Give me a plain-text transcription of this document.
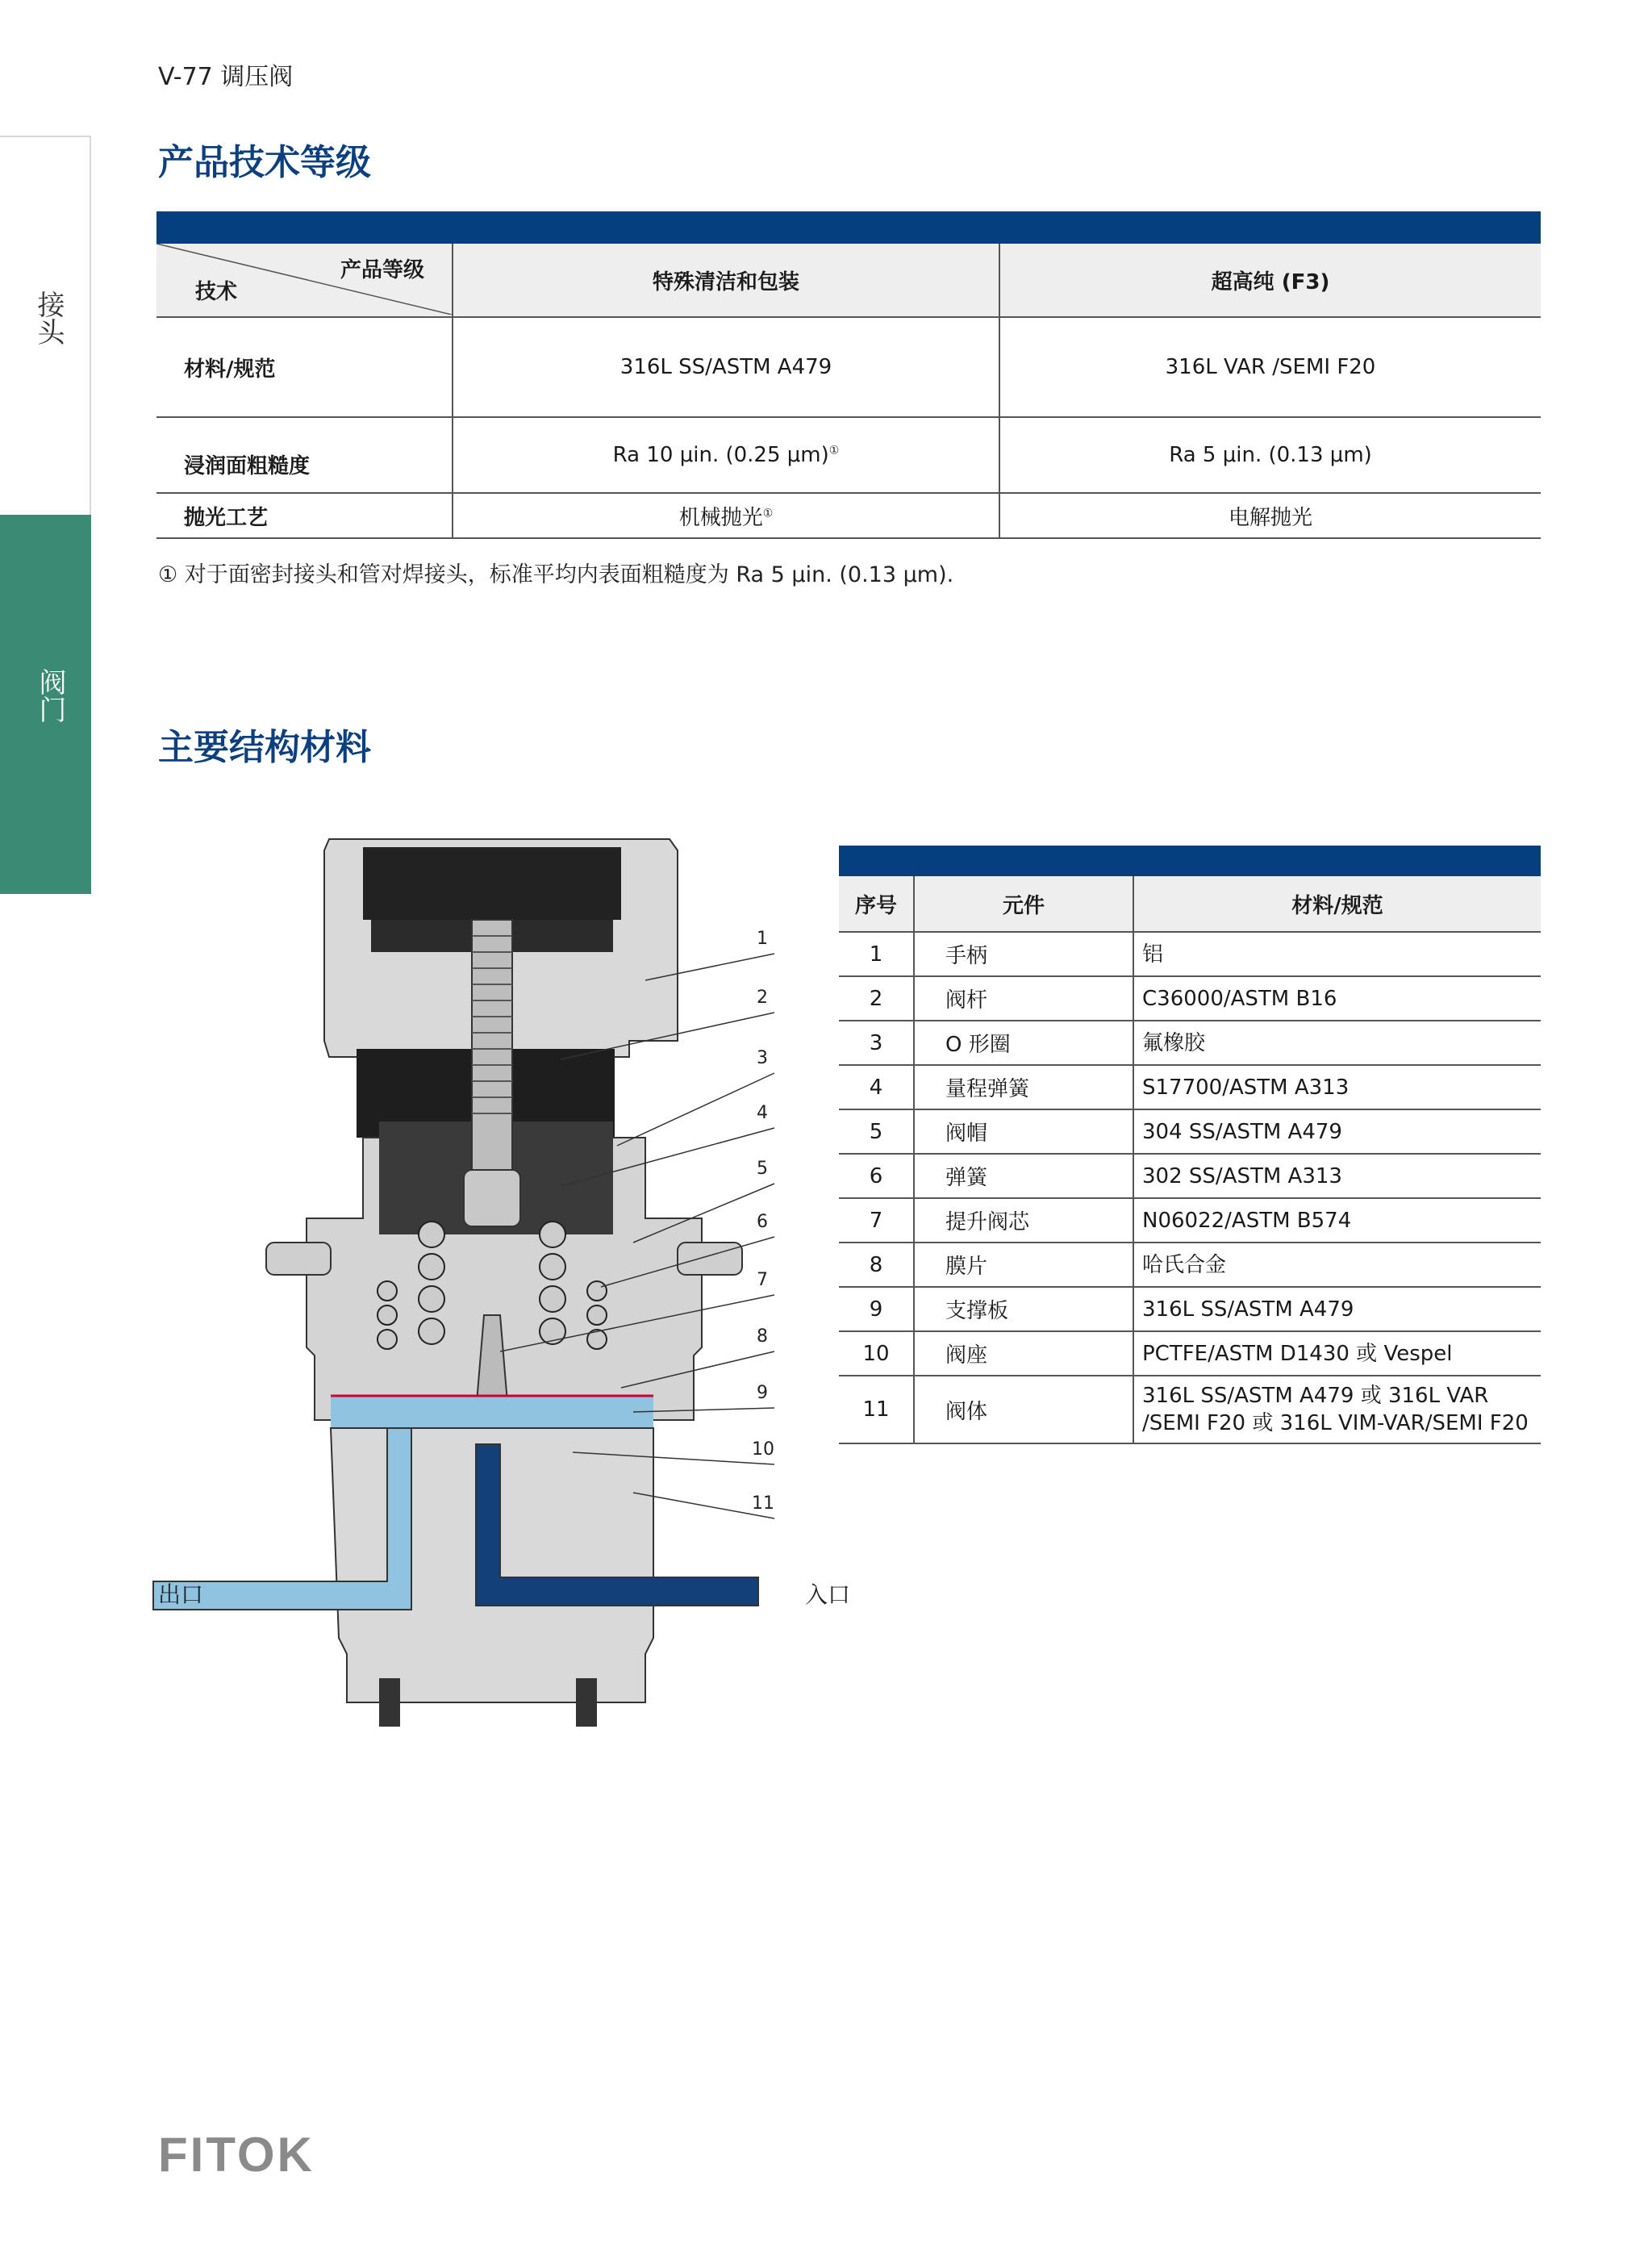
V-77 调压阀
接头
阀门
产品技术等级
产品等级
技术	特殊清洁和包装	超高纯 (F3)
材料/规范	316L SS/ASTM A479	316L VAR /SEMI F20
浸润面粗糙度	Ra 10 μin. (0.25 μm)①	Ra 5 μin. (0.13 μm)
抛光工艺	机械抛光①	电解抛光
① 对于面密封接头和管对焊接头，标准平均内表面粗糙度为 Ra 5 μin. (0.13 μm).
主要结构材料
1
2
3
4
5
6
7
8
9
10
11
出口	入口
序号	元件	材料/规范
1	手柄	铝
2	阀杆	C36000/ASTM B16
3	O 形圈	氟橡胶
4	量程弹簧	S17700/ASTM A313
5	阀帽	304 SS/ASTM A479
6	弹簧	302 SS/ASTM A313
7	提升阀芯	N06022/ASTM B574
8	膜片	哈氏合金
9	支撑板	316L SS/ASTM A479
10	阀座	PCTFE/ASTM D1430 或 Vespel
11	阀体	316L SS/ASTM A479 或 316L VAR
/SEMI F20 或 316L VIM-VAR/SEMI F20
FITOK
